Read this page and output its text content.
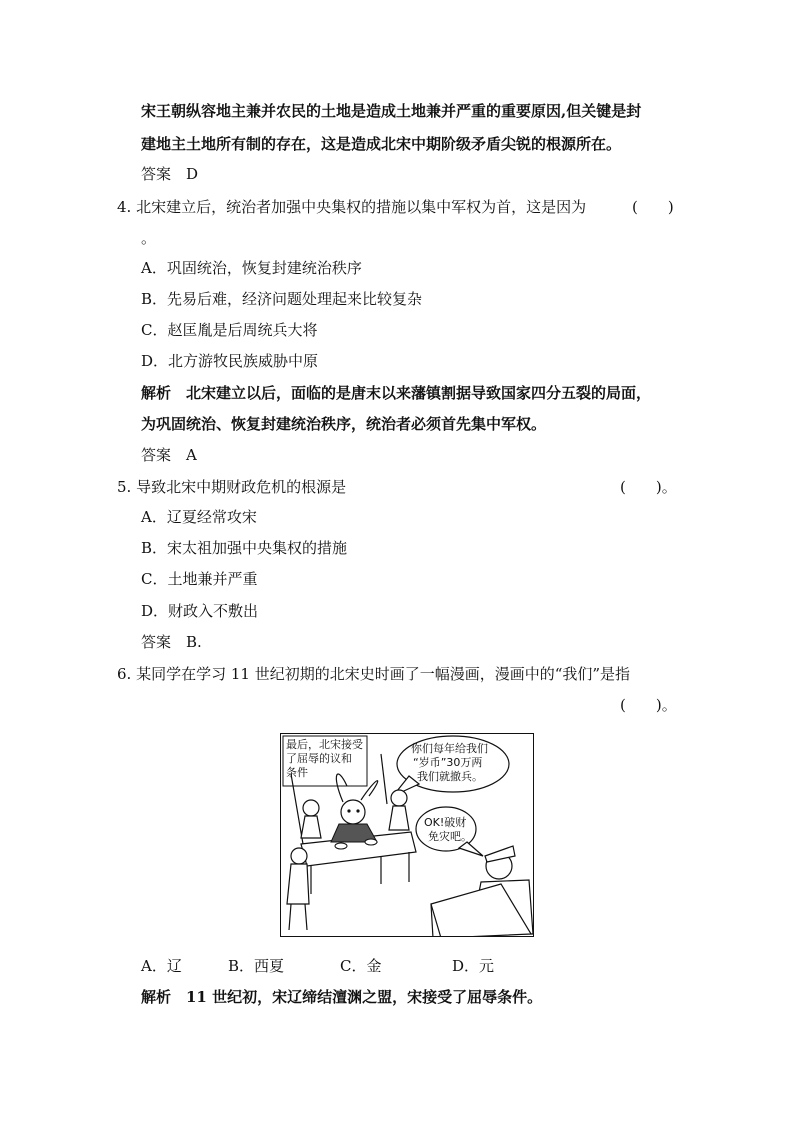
宋王朝纵容地主兼并农民的土地是造成土地兼并严重的重要原因,但关键是封
建地主土地所有制的存在，这是造成北宋中期阶级矛盾尖锐的根源所在。
答案　D
4. 北宋建立后，统治者加强中央集权的措施以集中军权为首，这是因为	(　　)
。
A．巩固统治，恢复封建统治秩序
B．先易后难，经济问题处理起来比较复杂
C．赵匡胤是后周统兵大将
D．北方游牧民族威胁中原
解析　北宋建立以后，面临的是唐末以来藩镇割据导致国家四分五裂的局面，
为巩固统治、恢复封建统治秩序，统治者必须首先集中军权。
答案　A
5. 导致北宋中期财政危机的根源是	(　　)。
A．辽夏经常攻宋
B．宋太祖加强中央集权的措施
C．土地兼并严重
D．财政入不敷出
答案　B.
6. 某同学在学习 11 世纪初期的北宋史时画了一幅漫画，漫画中的“我们”是指
(　　)。
最后，北宋接受
了屈辱的议和
条件
你们每年给我们
“岁币”30万两
我们就撤兵。
OK!破财
免灾吧。
A．辽	B．西夏	C．金	D．元
解析　11 世纪初，宋辽缔结澶渊之盟，宋接受了屈辱条件。
